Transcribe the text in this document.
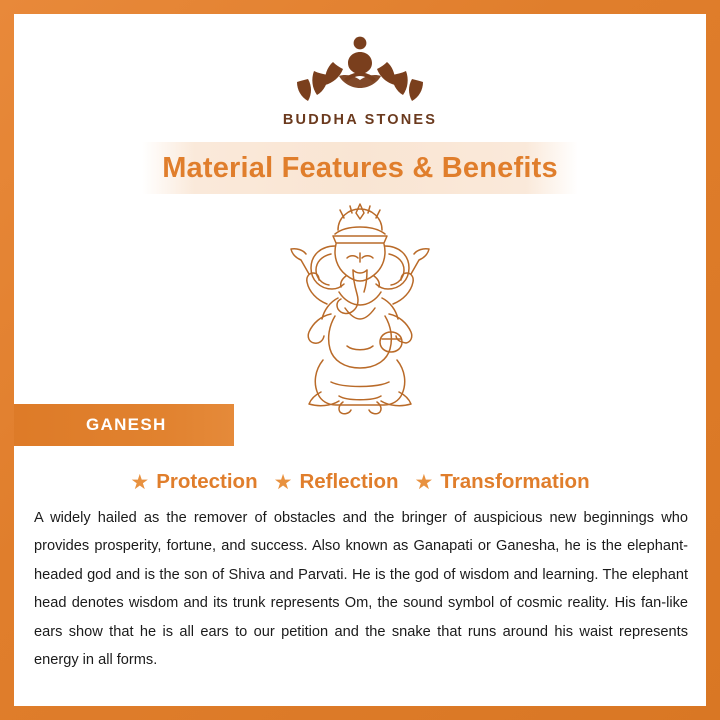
BUDDHA STONES
Material Features & Benefits
GANESH
★ Protection ★ Reflection ★ Transformation
A widely hailed as the remover of obstacles and the bringer of auspicious new beginnings who provides prosperity, fortune, and success. Also known as Ganapati or Ganesha, he is the elephant-headed god and is the son of Shiva and Parvati. He is the god of wisdom and learning. The elephant head denotes wisdom and its trunk represents Om, the sound symbol of cosmic reality. His fan-like ears show that he is all ears to our petition and the snake that runs around his waist represents energy in all forms.
